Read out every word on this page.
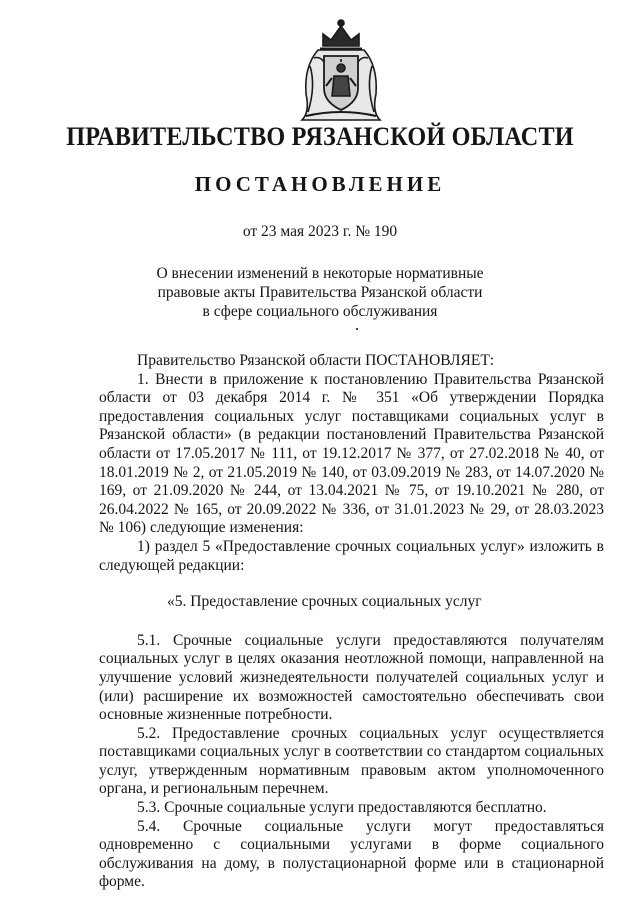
ПРАВИТЕЛЬСТВО РЯЗАНСКОЙ ОБЛАСТИ
ПОСТАНОВЛЕНИЕ
от 23 мая 2023 г. № 190
О внесении изменений в некоторые нормативные
правовые акты Правительства Рязанской области
в сфере социального обслуживания

Правительство Рязанской области ПОСТАНОВЛЯЕТ:

1. Внести в приложение к постановлению Правительства Рязанской области от 03 декабря 2014 г. № 351 «Об утверждении Порядка предоставления социальных услуг поставщиками социальных услуг в Рязанской области» (в редакции постановлений Правительства Рязанской области от 17.05.2017 № 111, от 19.12.2017 № 377, от 27.02.2018 № 40, от 18.01.2019 № 2, от 21.05.2019 № 140, от 03.09.2019 № 283, от 14.07.2020 № 169, от 21.09.2020 № 244, от 13.04.2021 № 75, от 19.10.2021 № 280, от 26.04.2022 № 165, от 20.09.2022 № 336, от 31.01.2023 № 29, от 28.03.2023 № 106) следующие изменения:

1) раздел 5 «Предоставление срочных социальных услуг» изложить в следующей редакции:

«5. Предоставление срочных социальных услуг

5.1. Срочные социальные услуги предоставляются получателям социальных услуг в целях оказания неотложной помощи, направленной на улучшение условий жизнедеятельности получателей социальных услуг и (или) расширение их возможностей самостоятельно обеспечивать свои основные жизненные потребности.

5.2. Предоставление срочных социальных услуг осуществляется поставщиками социальных услуг в соответствии со стандартом социальных услуг, утвержденным нормативным правовым актом уполномоченного органа, и региональным перечнем.

5.3. Срочные социальные услуги предоставляются бесплатно.

5.4. Срочные социальные услуги могут предоставляться одновременно с социальными услугами в форме социального обслуживания на дому, в полустационарной форме или в стационарной форме.
